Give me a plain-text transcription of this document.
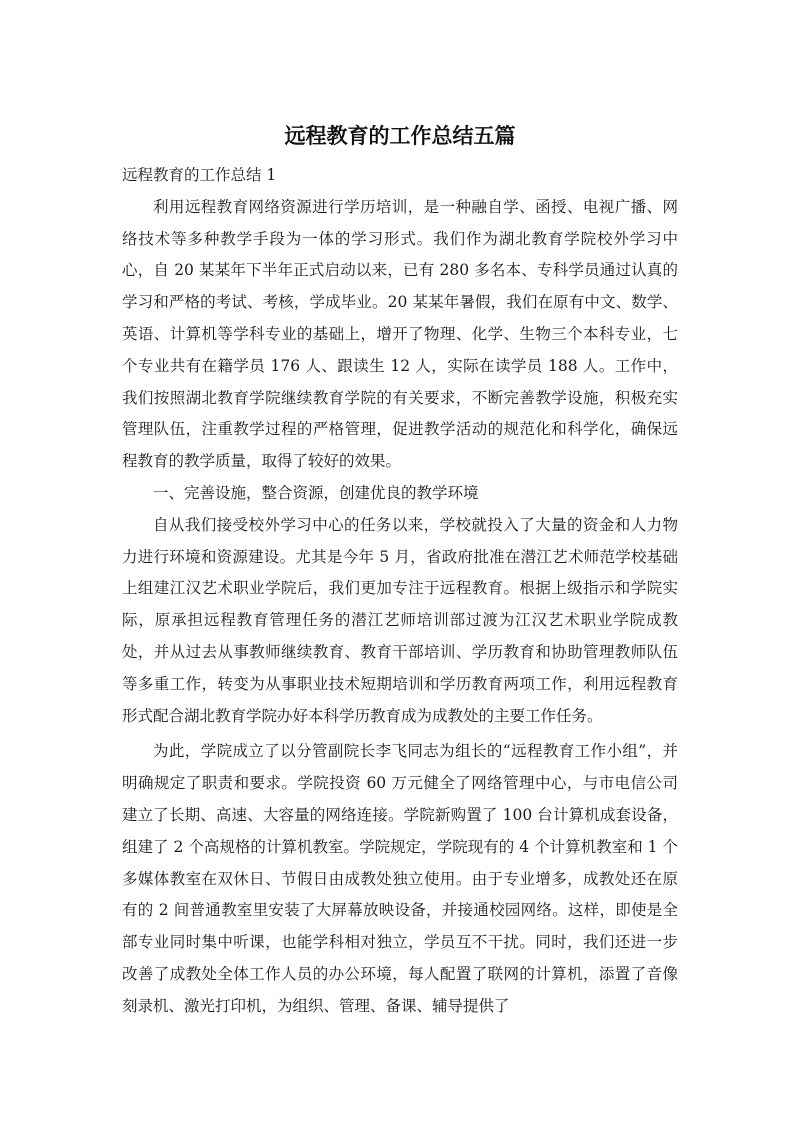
远程教育的工作总结五篇

远程教育的工作总结 1

利用远程教育网络资源进行学历培训，是一种融自学、函授、电视广播、网络技术等多种教学手段为一体的学习形式。我们作为湖北教育学院校外学习中心，自 20 某某年下半年正式启动以来，已有 280 多名本、专科学员通过认真的学习和严格的考试、考核，学成毕业。20 某某年暑假，我们在原有中文、数学、英语、计算机等学科专业的基础上，增开了物理、化学、生物三个本科专业，七个专业共有在籍学员 176 人、跟读生 12 人，实际在读学员 188 人。工作中，我们按照湖北教育学院继续教育学院的有关要求，不断完善教学设施，积极充实管理队伍，注重教学过程的严格管理，促进教学活动的规范化和科学化，确保远程教育的教学质量，取得了较好的效果。

一、完善设施，整合资源，创建优良的教学环境

自从我们接受校外学习中心的任务以来，学校就投入了大量的资金和人力物力进行环境和资源建设。尤其是今年 5 月，省政府批准在潜江艺术师范学校基础上组建江汉艺术职业学院后，我们更加专注于远程教育。根据上级指示和学院实际，原承担远程教育管理任务的潜江艺师培训部过渡为江汉艺术职业学院成教处，并从过去从事教师继续教育、教育干部培训、学历教育和协助管理教师队伍等多重工作，转变为从事职业技术短期培训和学历教育两项工作，利用远程教育形式配合湖北教育学院办好本科学历教育成为成教处的主要工作任务。

为此，学院成立了以分管副院长李飞同志为组长的“远程教育工作小组”，并明确规定了职责和要求。学院投资 60 万元健全了网络管理中心，与市电信公司建立了长期、高速、大容量的网络连接。学院新购置了 100 台计算机成套设备，组建了 2 个高规格的计算机教室。学院规定，学院现有的 4 个计算机教室和 1 个多媒体教室在双休日、节假日由成教处独立使用。由于专业增多，成教处还在原有的 2 间普通教室里安装了大屏幕放映设备，并接通校园网络。这样，即使是全部专业同时集中听课，也能学科相对独立，学员互不干扰。同时，我们还进一步改善了成教处全体工作人员的办公环境，每人配置了联网的计算机，添置了音像刻录机、激光打印机，为组织、管理、备课、辅导提供了
